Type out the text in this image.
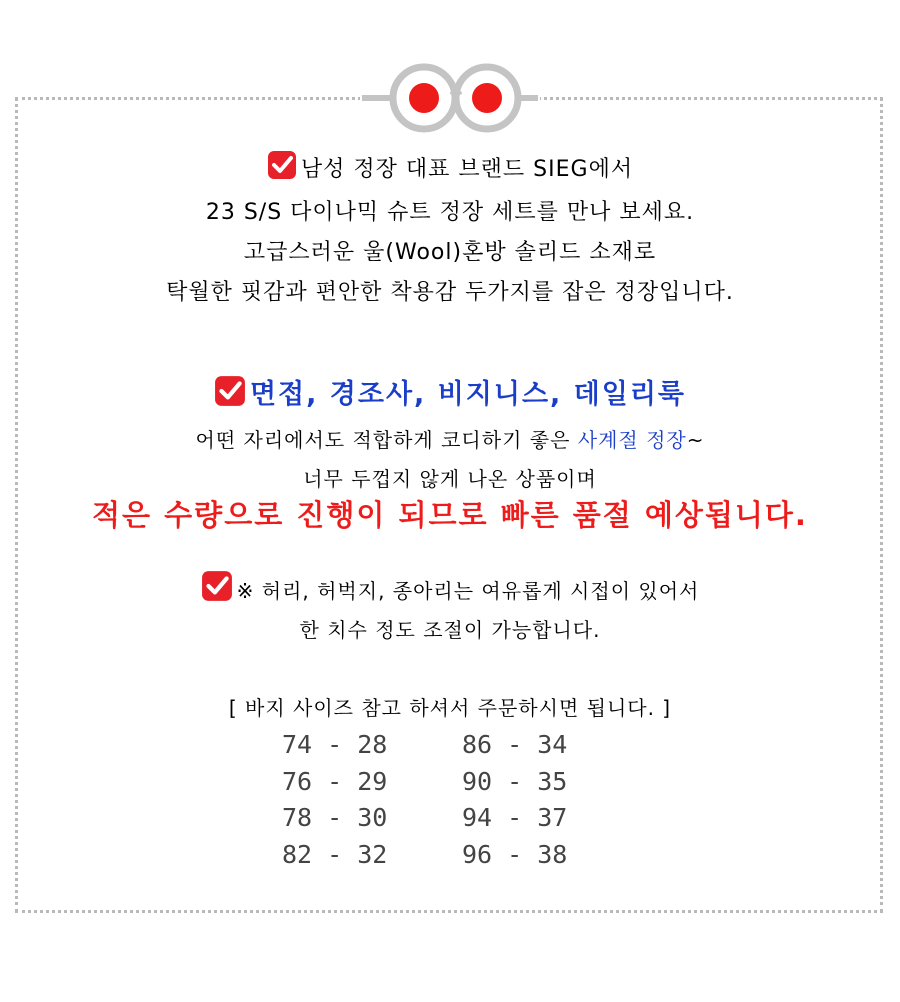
남성 정장 대표 브랜드 SIEG에서
23 S/S 다이나믹 슈트 정장 세트를 만나 보세요.
고급스러운 울(Wool)혼방 솔리드 소재로
탁월한 핏감과 편안한 착용감 두가지를 잡은 정장입니다.
면접, 경조사, 비지니스, 데일리룩
어떤 자리에서도 적합하게 코디하기 좋은 사계절 정장~
너무 두껍지 않게 나온 상품이며
적은 수량으로 진행이 되므로 빠른 품절 예상됩니다.
※ 허리, 허벅지, 종아리는 여유롭게 시접이 있어서
한 치수 정도 조절이 가능합니다.
[ 바지 사이즈 참고 하셔서 주문하시면 됩니다. ]
74 - 28	86 - 34
76 - 29	90 - 35
78 - 30	94 - 37
82 - 32	96 - 38
